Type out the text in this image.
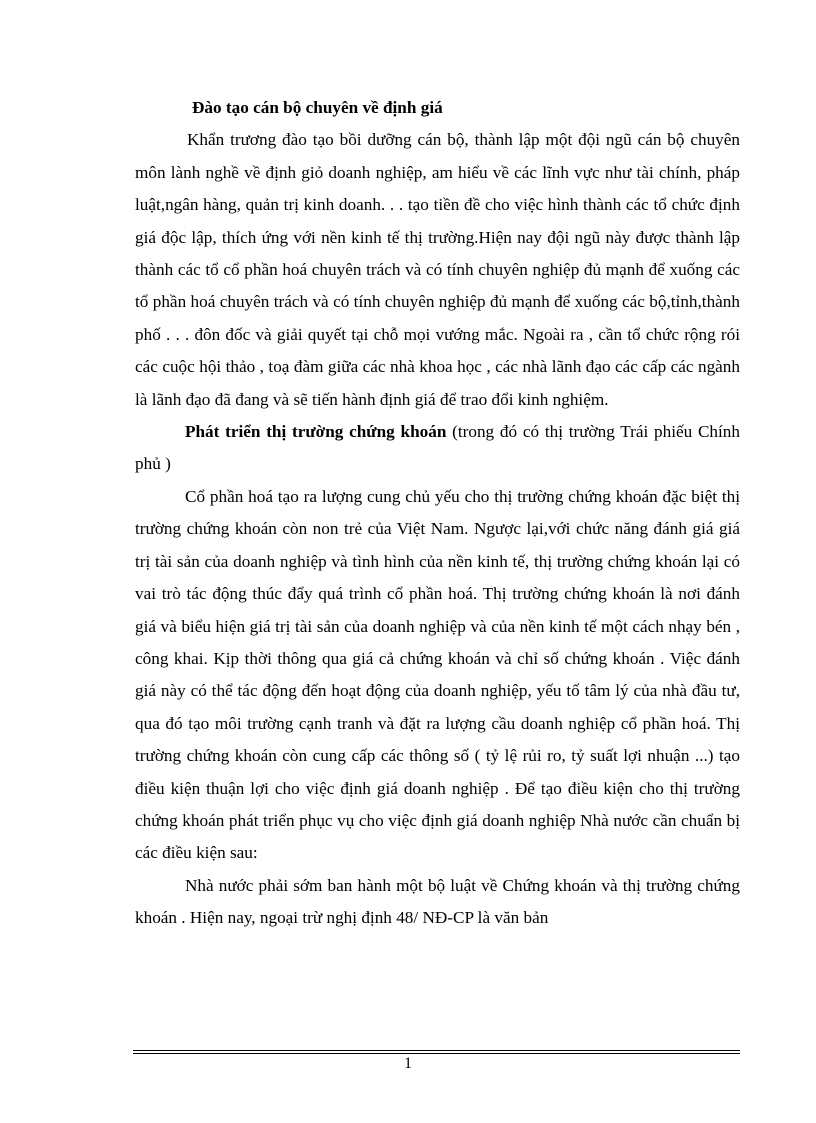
Đào tạo cán bộ chuyên về định giá

Khẩn trương đào tạo bồi dưỡng cán bộ, thành lập một đội ngũ cán bộ chuyên môn lành nghề về định giỏ doanh nghiệp, am hiểu về các lĩnh vực như tài chính, pháp luật,ngân hàng, quản trị kinh doanh. . . tạo tiền đề cho việc hình thành các tổ chức định giá độc lập, thích ứng với nền kinh tế thị trường.Hiện nay đội ngũ này được thành lập thành các tổ cổ phần hoá chuyên trách và có tính chuyên nghiệp đủ mạnh để xuống các tổ phần hoá chuyên trách và có tính chuyên nghiệp đủ mạnh để xuống các bộ,tỉnh,thành phố . . . đôn đốc và giải quyết tại chỗ mọi vướng mắc. Ngoài ra , cần tổ chức rộng rói các cuộc hội thảo , toạ đàm giữa các nhà khoa học , các nhà lãnh đạo các cấp các ngành là lãnh đạo đã đang và sẽ tiến hành định giá để trao đổi kinh nghiệm.

Phát triển thị trường chứng khoán (trong đó có thị trường Trái phiếu Chính phủ )

Cổ phần hoá tạo ra lượng cung chủ yếu cho thị trường chứng khoán đặc biệt thị trường chứng khoán còn non trẻ của Việt Nam. Ngược lại,với chức năng đánh giá giá trị tài sản của doanh nghiệp và tình hình của nền kinh tế, thị trường chứng khoán lại có vai trò tác động thúc đẩy quá trình cổ phần hoá. Thị trường chứng khoán là nơi đánh giá và biểu hiện giá trị tài sản của doanh nghiệp và của nền kinh tế một cách nhạy bén , công khai. Kịp thời thông qua giá cả chứng khoán và chỉ số chứng khoán . Việc đánh giá này có thể tác động đến hoạt động của doanh nghiệp, yếu tố tâm lý của nhà đầu tư, qua đó tạo môi trường cạnh tranh và đặt ra lượng cầu doanh nghiệp cổ phần hoá. Thị trường chứng khoán còn cung cấp các thông số ( tỷ lệ rủi ro, tỷ suất lợi nhuận ...) tạo điều kiện thuận lợi cho việc định giá doanh nghiệp . Để tạo điều kiện cho thị trường chứng khoán phát triển phục vụ cho việc định giá doanh nghiệp Nhà nước cần chuẩn bị các điều kiện sau:

Nhà nước phải sớm ban hành một bộ luật về Chứng khoán và thị trường chứng khoán . Hiện nay, ngoại trừ nghị định 48/ NĐ-CP là văn bản

1
